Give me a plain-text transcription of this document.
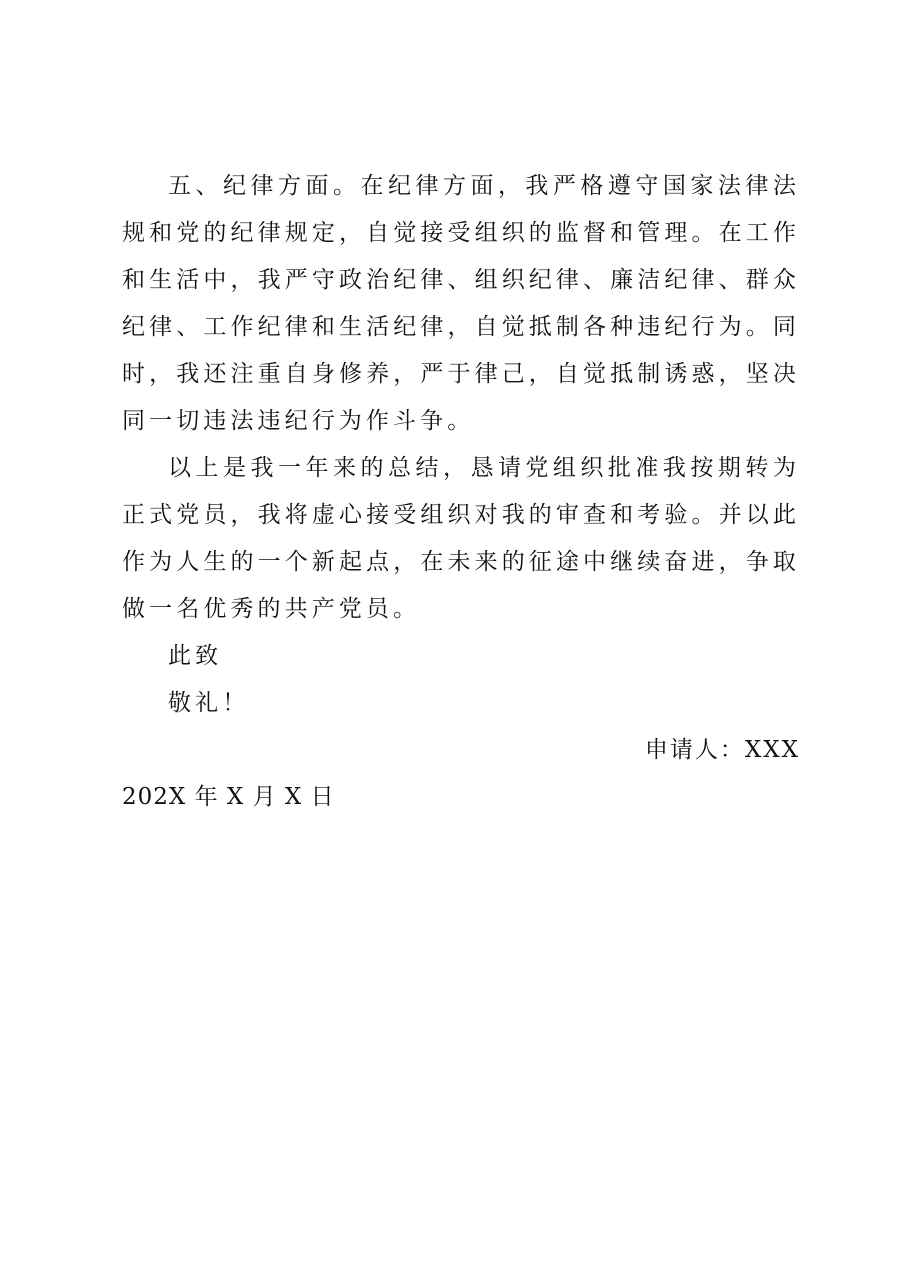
五、纪律方面。在纪律方面，我严格遵守国家法律法规和党的纪律规定，自觉接受组织的监督和管理。在工作和生活中，我严守政治纪律、组织纪律、廉洁纪律、群众纪律、工作纪律和生活纪律，自觉抵制各种违纪行为。同时，我还注重自身修养，严于律己，自觉抵制诱惑，坚决同一切违法违纪行为作斗争。

以上是我一年来的总结，恳请党组织批准我按期转为正式党员，我将虚心接受组织对我的审查和考验。并以此作为人生的一个新起点，在未来的征途中继续奋进，争取做一名优秀的共产党员。

此致

敬礼！

申请人：XXX

202X 年 X 月 X 日
